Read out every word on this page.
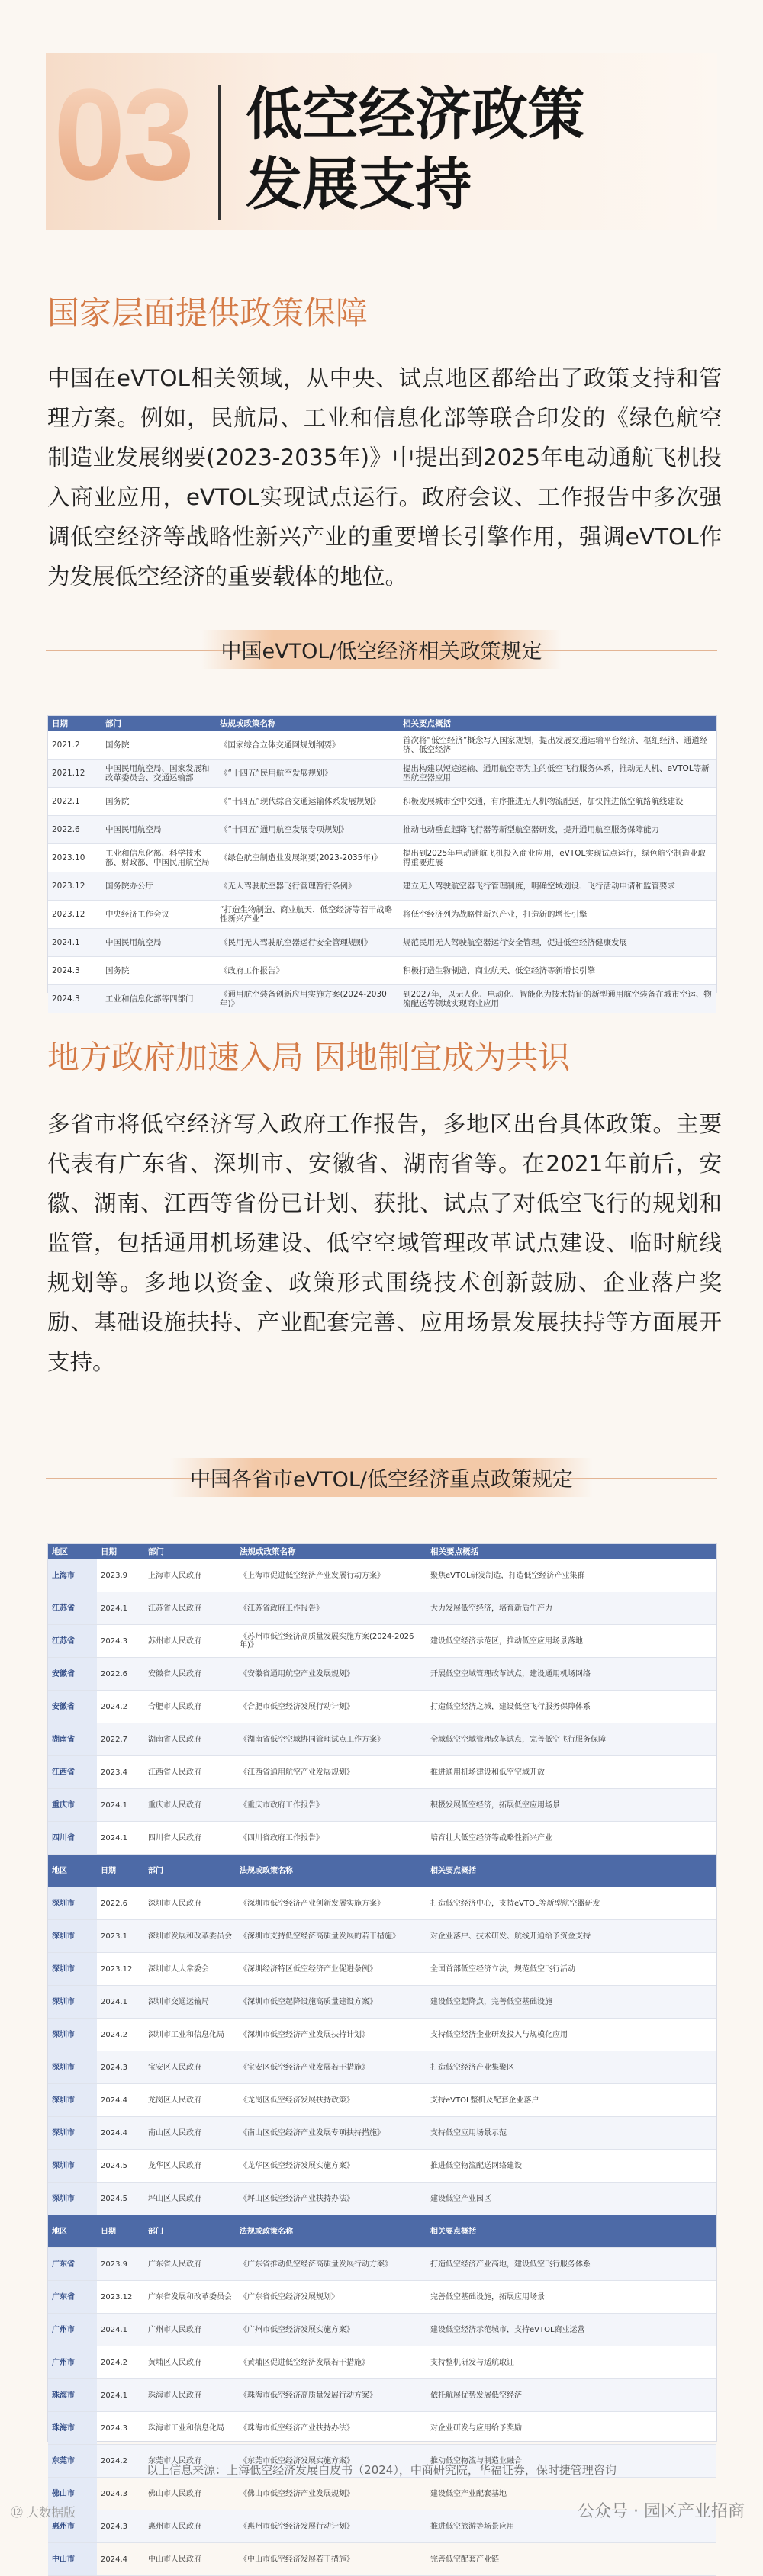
03 低空经济政策
发展支持
国家层面提供政策保障
中国在eVTOL相关领域，从中央、试点地区都给出了政策支持和管理方案。例如，民航局、工业和信息化部等联合印发的《绿色航空制造业发展纲要(2023-2035年)》中提出到2025年电动通航飞机投入商业应用，eVTOL实现试点运行。政府会议、工作报告中多次强调低空经济等战略性新兴产业的重要增长引擎作用，强调eVTOL作为发展低空经济的重要载体的地位。
中国eVTOL/低空经济相关政策规定
日期	部门	法规或政策名称	相关要点概括
2021.2	国务院	《国家综合立体交通网规划纲要》	首次将“低空经济”概念写入国家规划，提出发展交通运输平台经济、枢纽经济、通道经济、低空经济
2021.12	中国民用航空局、国家发展和改革委员会、交通运输部	《“十四五”民用航空发展规划》	提出构建以短途运输、通用航空等为主的低空飞行服务体系，推动无人机、eVTOL等新型航空器应用
2022.1	国务院	《“十四五”现代综合交通运输体系发展规划》	积极发展城市空中交通，有序推进无人机物流配送，加快推进低空航路航线建设
2022.6	中国民用航空局	《“十四五”通用航空发展专项规划》	推动电动垂直起降飞行器等新型航空器研发，提升通用航空服务保障能力
2023.10	工业和信息化部、科学技术部、财政部、中国民用航空局	《绿色航空制造业发展纲要(2023-2035年)》	提出到2025年电动通航飞机投入商业应用，eVTOL实现试点运行，绿色航空制造业取得重要进展
2023.12	国务院办公厅	《无人驾驶航空器飞行管理暂行条例》	建立无人驾驶航空器飞行管理制度，明确空域划设、飞行活动申请和监管要求
2023.12	中央经济工作会议	“打造生物制造、商业航天、低空经济等若干战略性新兴产业”	将低空经济列为战略性新兴产业，打造新的增长引擎
2024.1	中国民用航空局	《民用无人驾驶航空器运行安全管理规则》	规范民用无人驾驶航空器运行安全管理，促进低空经济健康发展
2024.3	国务院	《政府工作报告》	积极打造生物制造、商业航天、低空经济等新增长引擎
2024.3	工业和信息化部等四部门	《通用航空装备创新应用实施方案(2024-2030年)》	到2027年，以无人化、电动化、智能化为技术特征的新型通用航空装备在城市空运、物流配送等领域实现商业应用
地方政府加速入局 因地制宜成为共识
多省市将低空经济写入政府工作报告，多地区出台具体政策。主要代表有广东省、深圳市、安徽省、湖南省等。在2021年前后，安徽、湖南、江西等省份已计划、获批、试点了对低空飞行的规划和监管，包括通用机场建设、低空空域管理改革试点建设、临时航线规划等。多地以资金、政策形式围绕技术创新鼓励、企业落户奖励、基础设施扶持、产业配套完善、应用场景发展扶持等方面展开支持。
中国各省市eVTOL/低空经济重点政策规定
地区	日期	部门	法规或政策名称	相关要点概括
上海市	2023.9	上海市人民政府	《上海市促进低空经济产业发展行动方案》	聚焦eVTOL研发制造，打造低空经济产业集群
江苏省	2024.1	江苏省人民政府	《江苏省政府工作报告》	大力发展低空经济，培育新质生产力
江苏省	2024.3	苏州市人民政府	《苏州市低空经济高质量发展实施方案(2024-2026年)》	建设低空经济示范区，推动低空应用场景落地
安徽省	2022.6	安徽省人民政府	《安徽省通用航空产业发展规划》	开展低空空域管理改革试点，建设通用机场网络
安徽省	2024.2	合肥市人民政府	《合肥市低空经济发展行动计划》	打造低空经济之城，建设低空飞行服务保障体系
湖南省	2022.7	湖南省人民政府	《湖南省低空空域协同管理试点工作方案》	全域低空空域管理改革试点，完善低空飞行服务保障
江西省	2023.4	江西省人民政府	《江西省通用航空产业发展规划》	推进通用机场建设和低空空域开放
重庆市	2024.1	重庆市人民政府	《重庆市政府工作报告》	积极发展低空经济，拓展低空应用场景
四川省	2024.1	四川省人民政府	《四川省政府工作报告》	培育壮大低空经济等战略性新兴产业
地区	日期	部门	法规或政策名称	相关要点概括
深圳市	2022.6	深圳市人民政府	《深圳市低空经济产业创新发展实施方案》	打造低空经济中心，支持eVTOL等新型航空器研发
深圳市	2023.1	深圳市发展和改革委员会	《深圳市支持低空经济高质量发展的若干措施》	对企业落户、技术研发、航线开通给予资金支持
深圳市	2023.12	深圳市人大常委会	《深圳经济特区低空经济产业促进条例》	全国首部低空经济立法，规范低空飞行活动
深圳市	2024.1	深圳市交通运输局	《深圳市低空起降设施高质量建设方案》	建设低空起降点，完善低空基础设施
深圳市	2024.2	深圳市工业和信息化局	《深圳市低空经济产业发展扶持计划》	支持低空经济企业研发投入与规模化应用
深圳市	2024.3	宝安区人民政府	《宝安区低空经济产业发展若干措施》	打造低空经济产业集聚区
深圳市	2024.4	龙岗区人民政府	《龙岗区低空经济发展扶持政策》	支持eVTOL整机及配套企业落户
深圳市	2024.4	南山区人民政府	《南山区低空经济产业发展专项扶持措施》	支持低空应用场景示范
深圳市	2024.5	龙华区人民政府	《龙华区低空经济发展实施方案》	推进低空物流配送网络建设
深圳市	2024.5	坪山区人民政府	《坪山区低空经济产业扶持办法》	建设低空产业园区
地区	日期	部门	法规或政策名称	相关要点概括
广东省	2023.9	广东省人民政府	《广东省推动低空经济高质量发展行动方案》	打造低空经济产业高地，建设低空飞行服务体系
广东省	2023.12	广东省发展和改革委员会	《广东省低空经济发展规划》	完善低空基础设施，拓展应用场景
广州市	2024.1	广州市人民政府	《广州市低空经济发展实施方案》	建设低空经济示范城市，支持eVTOL商业运营
广州市	2024.2	黄埔区人民政府	《黄埔区促进低空经济发展若干措施》	支持整机研发与适航取证
珠海市	2024.1	珠海市人民政府	《珠海市低空经济高质量发展行动方案》	依托航展优势发展低空经济
珠海市	2024.3	珠海市工业和信息化局	《珠海市低空经济产业扶持办法》	对企业研发与应用给予奖励
东莞市	2024.2	东莞市人民政府	《东莞市低空经济发展实施方案》	推动低空物流与制造业融合
佛山市	2024.3	佛山市人民政府	《佛山市低空经济产业发展规划》	建设低空产业配套基地
惠州市	2024.3	惠州市人民政府	《惠州市低空经济发展行动计划》	推进低空旅游等场景应用
中山市	2024.4	中山市人民政府	《中山市低空经济发展若干措施》	完善低空配套产业链
以上信息来源：上海低空经济发展白皮书（2024），中商研究院，华福证券，保时捷管理咨询
⑫ 大数据版	公众号 · 园区产业招商
